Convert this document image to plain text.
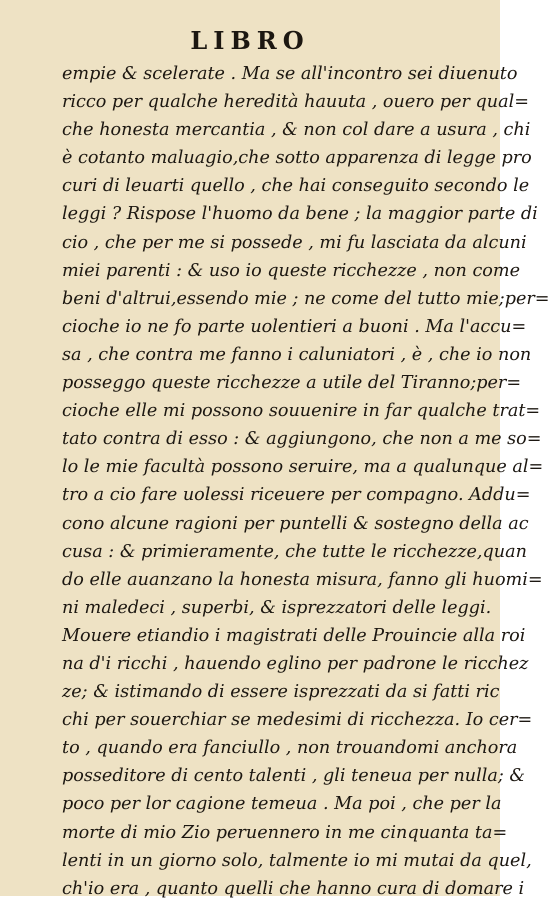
LIBRO
empie & scelerate . Ma se all'incontro sei diuenuto
ricco per qualche heredità hauuta , ouero per qual=
che honesta mercantia , & non col dare a usura , chi
è cotanto maluagio,che sotto apparenza di legge pro
curi di leuarti quello , che hai conseguito secondo le
leggi ? Rispose l'huomo da bene ; la maggior parte di
cio , che per me si possede , mi fu lasciata da alcuni
miei parenti : & uso io queste ricchezze , non come
beni d'altrui,essendo mie ; ne come del tutto mie;per=
cioche io ne fo parte uolentieri a buoni . Ma l'accu=
sa , che contra me fanno i caluniatori , è , che io non
posseggo queste ricchezze a utile del Tiranno;per=
cioche elle mi possono souuenire in far qualche trat=
tato contra di esso : & aggiungono, che non a me so=
lo le mie facultà possono seruire, ma a qualunque al=
tro a cio fare uolessi riceuere per compagno. Addu=
cono alcune ragioni per puntelli & sostegno della ac
cusa : & primieramente, che tutte le ricchezze,quan
do elle auanzano la honesta misura, fanno gli huomi=
ni maledeci , superbi, & isprezzatori delle leggi.
Mouere etiandio i magistrati delle Prouincie alla roi
na d'i ricchi , hauendo eglino per padrone le ricchez
ze; & istimando di essere isprezzati da si fatti ric
chi per souerchiar se medesimi di ricchezza. Io cer=
to , quando era fanciullo , non trouandomi anchora
posseditore di cento talenti , gli teneua per nulla; &
poco per lor cagione temeua . Ma poi , che per la
morte di mio Zio peruennero in me cinquanta ta=
lenti in un giorno solo, talmente io mi mutai da quel,
ch'io era , quanto quelli che hanno cura di domare i
